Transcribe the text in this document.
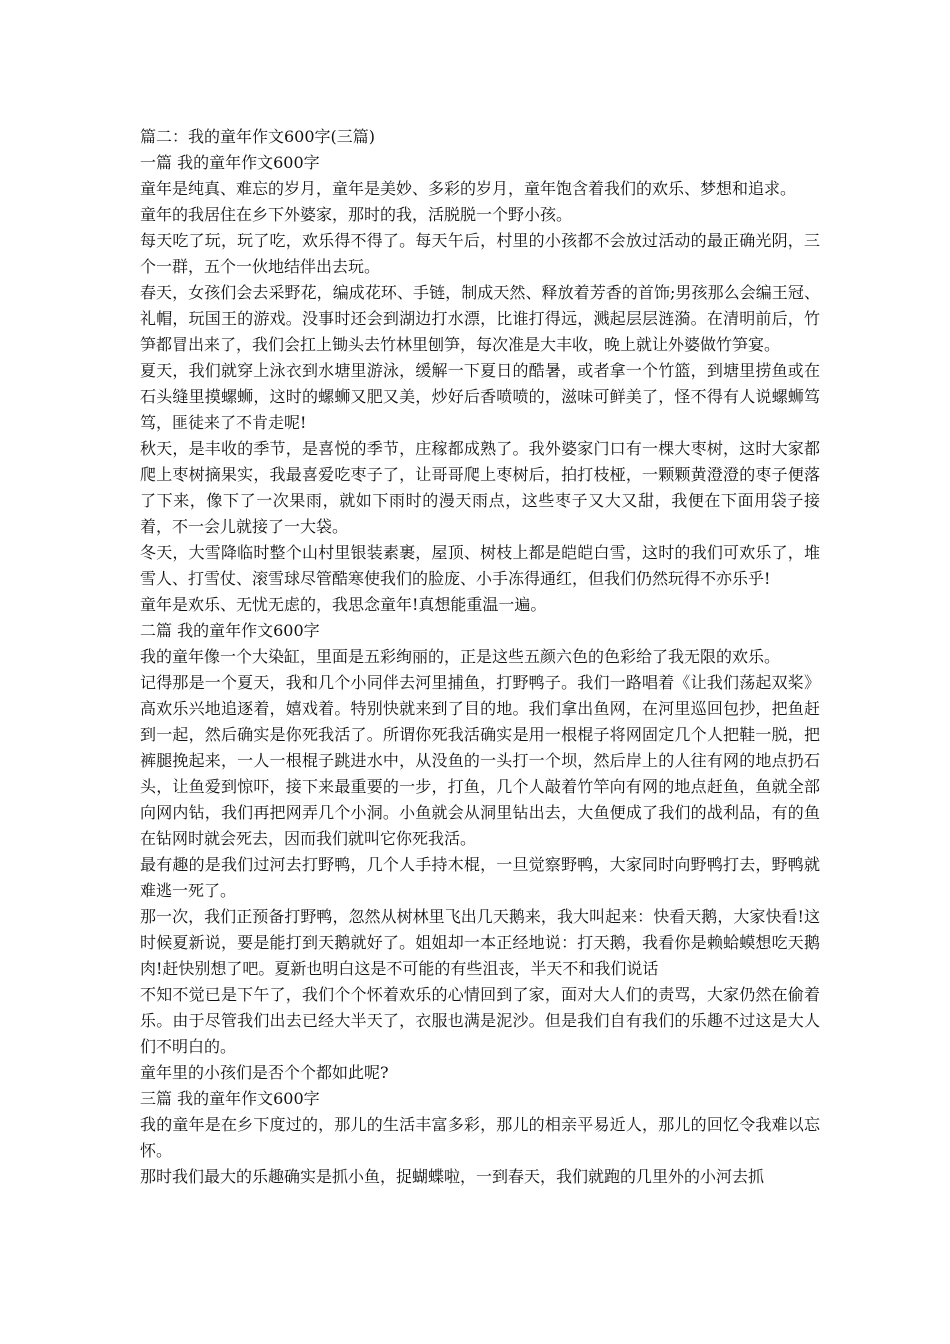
篇二：我的童年作文600字(三篇)

一篇 我的童年作文600字

童年是纯真、难忘的岁月，童年是美妙、多彩的岁月，童年饱含着我们的欢乐、梦想和追求。

童年的我居住在乡下外婆家，那时的我，活脱脱一个野小孩。

每天吃了玩，玩了吃，欢乐得不得了。每天午后，村里的小孩都不会放过活动的最正确光阴，三个一群，五个一伙地结伴出去玩。

春天，女孩们会去采野花，编成花环、手链，制成天然、释放着芳香的首饰;男孩那么会编王冠、礼帽，玩国王的游戏。没事时还会到湖边打水漂，比谁打得远，溅起层层涟漪。在清明前后，竹笋都冒出来了，我们会扛上锄头去竹林里刨笋，每次准是大丰收，晚上就让外婆做竹笋宴。

夏天，我们就穿上泳衣到水塘里游泳，缓解一下夏日的酷暑，或者拿一个竹篮，到塘里捞鱼或在石头缝里摸螺蛳，这时的螺蛳又肥又美，炒好后香喷喷的，滋味可鲜美了，怪不得有人说螺蛳笃笃，匪徒来了不肯走呢!

秋天，是丰收的季节，是喜悦的季节，庄稼都成熟了。我外婆家门口有一棵大枣树，这时大家都爬上枣树摘果实，我最喜爱吃枣子了，让哥哥爬上枣树后，拍打枝桠，一颗颗黄澄澄的枣子便落了下来，像下了一次果雨，就如下雨时的漫天雨点，这些枣子又大又甜，我便在下面用袋子接着，不一会儿就接了一大袋。

冬天，大雪降临时整个山村里银装素裹，屋顶、树枝上都是皑皑白雪，这时的我们可欢乐了，堆雪人、打雪仗、滚雪球尽管酷寒使我们的脸庞、小手冻得通红，但我们仍然玩得不亦乐乎!

童年是欢乐、无忧无虑的，我思念童年!真想能重温一遍。

二篇 我的童年作文600字

我的童年像一个大染缸，里面是五彩绚丽的，正是这些五颜六色的色彩给了我无限的欢乐。

记得那是一个夏天，我和几个小同伴去河里捕鱼，打野鸭子。我们一路唱着《让我们荡起双桨》高欢乐兴地追逐着，嬉戏着。特别快就来到了目的地。我们拿出鱼网，在河里巡回包抄，把鱼赶到一起，然后确实是你死我活了。所谓你死我活确实是用一根棍子将网固定几个人把鞋一脱，把裤腿挽起来，一人一根棍子跳进水中，从没鱼的一头打一个坝，然后岸上的人往有网的地点扔石头，让鱼爱到惊吓，接下来最重要的一步，打鱼，几个人敲着竹竿向有网的地点赶鱼，鱼就全部向网内钻，我们再把网弄几个小洞。小鱼就会从洞里钻出去，大鱼便成了我们的战利品，有的鱼在钻网时就会死去，因而我们就叫它你死我活。

最有趣的是我们过河去打野鸭，几个人手持木棍，一旦觉察野鸭，大家同时向野鸭打去，野鸭就难逃一死了。

那一次，我们正预备打野鸭，忽然从树林里飞出几天鹅来，我大叫起来：快看天鹅，大家快看!这时候夏新说，要是能打到天鹅就好了。姐姐却一本正经地说：打天鹅，我看你是赖蛤蟆想吃天鹅肉!赶快别想了吧。夏新也明白这是不可能的有些沮丧，半天不和我们说话

不知不觉已是下午了，我们个个怀着欢乐的心情回到了家，面对大人们的责骂，大家仍然在偷着乐。由于尽管我们出去已经大半天了，衣服也满是泥沙。但是我们自有我们的乐趣不过这是大人们不明白的。

童年里的小孩们是否个个都如此呢?

三篇 我的童年作文600字

我的童年是在乡下度过的，那儿的生活丰富多彩，那儿的相亲平易近人，那儿的回忆令我难以忘怀。

那时我们最大的乐趣确实是抓小鱼，捉蝴蝶啦，一到春天，我们就跑的几里外的小河去抓
